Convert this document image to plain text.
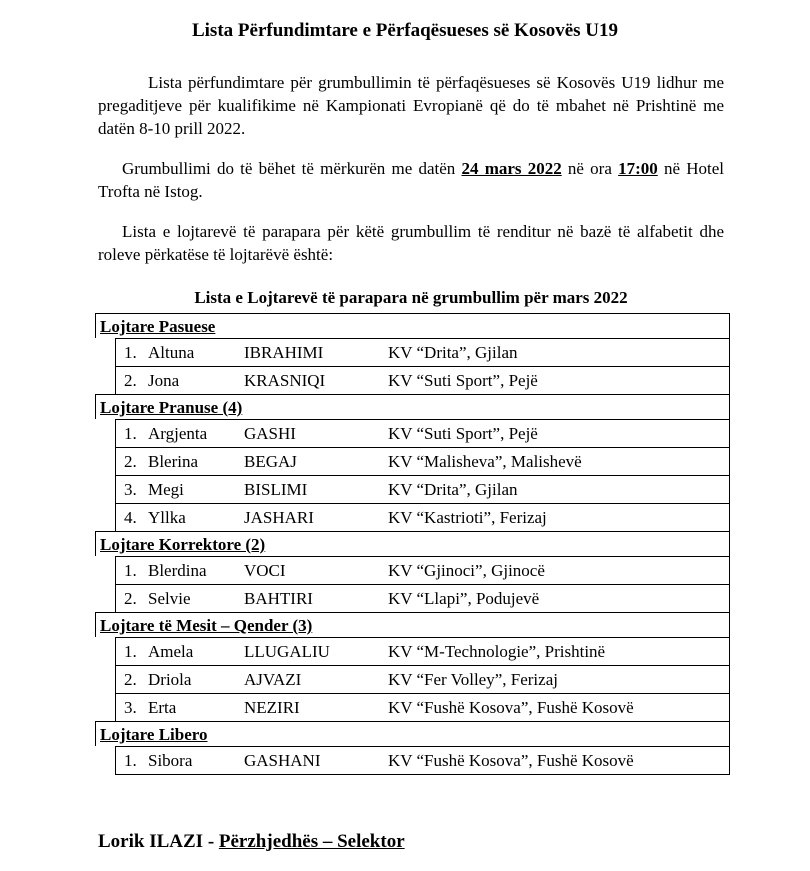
Lista Përfundimtare e Përfaqësueses së Kosovës U19
Lista përfundimtare për grumbullimin të përfaqësueses së Kosovës U19 lidhur me pregaditjeve për kualifikime në Kampionati Evropianë që do të mbahet në Prishtinë me datën 8-10 prill 2022.
Grumbullimi do të bëhet të mërkurën me datën 24 mars 2022 në ora 17:00 në Hotel Trofta në Istog.
Lista e lojtarevë të parapara për këtë grumbullim të renditur në bazë të alfabetit dhe roleve përkatëse të lojtarëvë është:
Lista e Lojtarevë të parapara në grumbullim për mars 2022
Lojtare Pasuese
1. Altuna	IBRAHIMI	KV “Drita”, Gjilan
2. Jona	KRASNIQI	KV “Suti Sport”, Pejë
Lojtare Pranuse (4)
1. Argjenta GASHI	KV “Suti Sport”, Pejë
2. Blerina	BEGAJ	KV “Malisheva”, Malishevë
3. Megi	BISLIMI	KV “Drita”, Gjilan
4. Yllka	JASHARI	KV “Kastrioti”, Ferizaj
Lojtare Korrektore (2)
1. Blerdina VOCI	KV “Gjinoci”, Gjinocë
2. Selvie	BAHTIRI	KV “Llapi”, Podujevë
Lojtare të Mesit – Qender (3)
1. Amela	LLUGALIU	KV “M-Technologie”, Prishtinë
2. Driola	AJVAZI	KV “Fer Volley”, Ferizaj
3. Erta	NEZIRI	KV “Fushë Kosova”, Fushë Kosovë
Lojtare Libero
1. Sibora	GASHANI	KV “Fushë Kosova”, Fushë Kosovë
Lorik ILAZI - Përzhjedhës – Selektor
